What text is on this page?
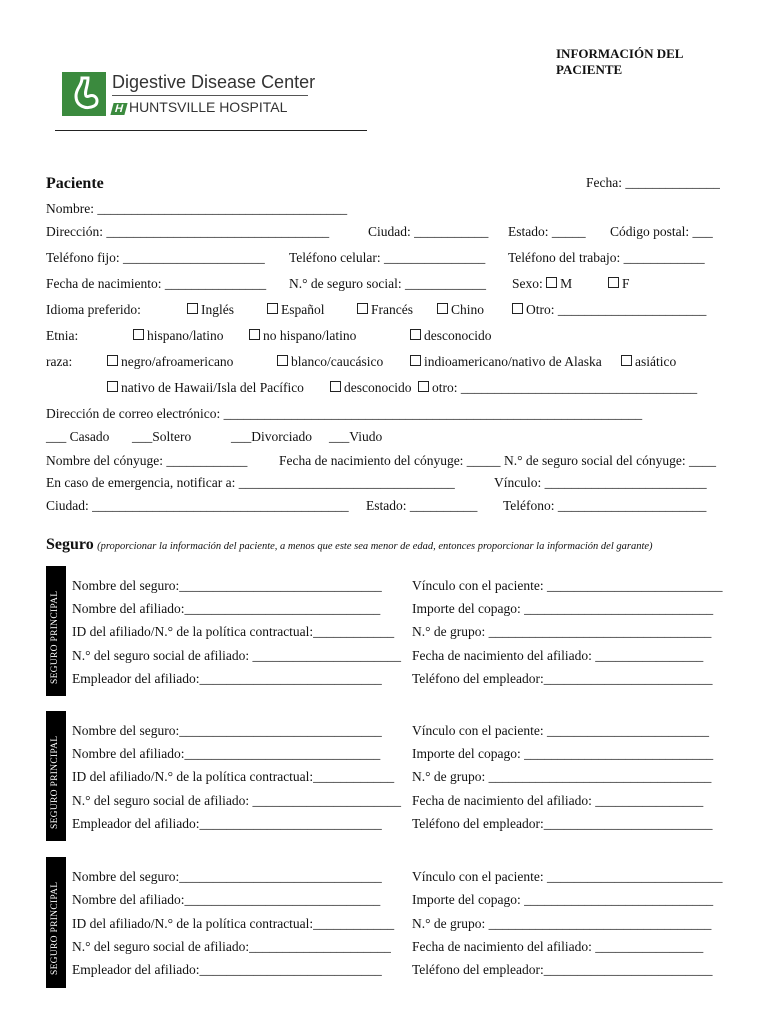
INFORMACIÓN DEL
PACIENTE
Digestive Disease Center
H HUNTSVILLE HOSPITAL
Paciente	Fecha: ______________
Nombre: _____________________________________
Dirección: _________________________________	Ciudad: ___________ Estado: _____ Código postal: ___
Teléfono fijo: _____________________ Teléfono celular: _______________ Teléfono del trabajo: ____________
Fecha de nacimiento: _______________ N.° de seguro social: ____________ Sexo: M	F
Idioma preferido:	Inglés	Español	Francés	Chino	Otro: ______________________
Etnia:	hispano/latino	no hispano/latino	desconocido
raza:	negro/afroamericano	blanco/caucásico	indioamericano/nativo de Alaska	asiático
nativo de Hawaii/Isla del Pacífico	desconocido	otro: ___________________________________
Dirección de correo electrónico: ______________________________________________________________
___ Casado ___Soltero	___Divorciado ___Viudo
Nombre del cónyuge: ____________ Fecha de nacimiento del cónyuge: _____ N.° de seguro social del cónyuge: ____
En caso de emergencia, notificar a: ________________________________	Vínculo: ________________________
Ciudad: ______________________________________ Estado: __________ Teléfono: ______________________
Seguro (proporcionar la información del paciente, a menos que este sea menor de edad, entonces proporcionar la información del garante)
SEGURO PRINCIPAL
Nombre del seguro:______________________________ Vínculo con el paciente: __________________________
Nombre del afiliado:_____________________________ Importe del copago: ____________________________
ID del afiliado/N.° de la política contractual:____________ N.° de grupo: _________________________________
N.° del seguro social de afiliado: ______________________ Fecha de nacimiento del afiliado: ________________
Empleador del afiliado:___________________________ Teléfono del empleador:_________________________
SEGURO PRINCIPAL
Nombre del seguro:______________________________ Vínculo con el paciente: ________________________
Nombre del afiliado:_____________________________ Importe del copago: ____________________________
ID del afiliado/N.° de la política contractual:____________ N.° de grupo: _________________________________
N.° del seguro social de afiliado: ______________________ Fecha de nacimiento del afiliado: ________________
Empleador del afiliado:___________________________ Teléfono del empleador:_________________________
SEGURO PRINCIPAL
Nombre del seguro:______________________________ Vínculo con el paciente: __________________________
Nombre del afiliado:_____________________________ Importe del copago: ____________________________
ID del afiliado/N.° de la política contractual:____________ N.° de grupo: _________________________________
N.° del seguro social de afiliado:_____________________ Fecha de nacimiento del afiliado: ________________
Empleador del afiliado:___________________________ Teléfono del empleador:_________________________
